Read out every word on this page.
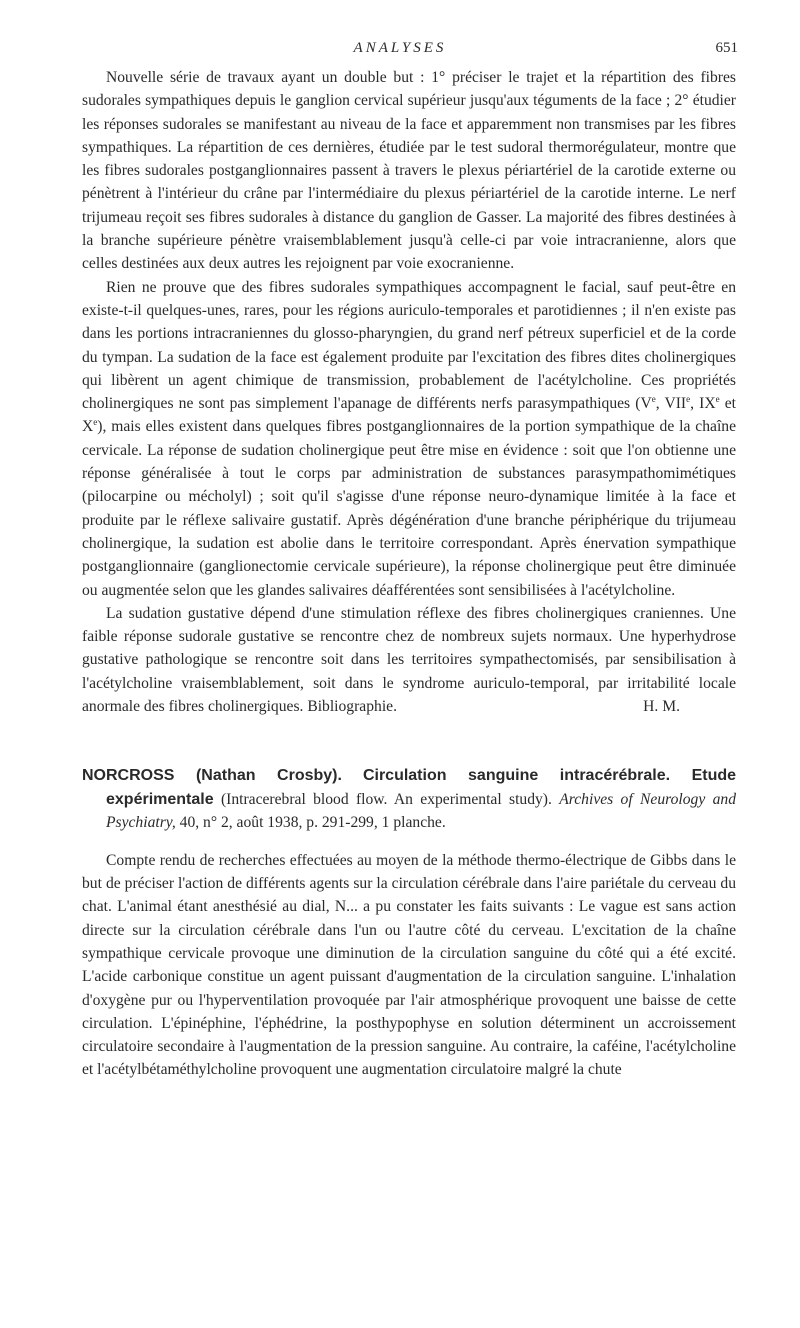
ANALYSES	651

Nouvelle série de travaux ayant un double but : 1° préciser le trajet et la répartition des fibres sudorales sympathiques depuis le ganglion cervical supérieur jusqu'aux téguments de la face ; 2° étudier les réponses sudorales se manifestant au niveau de la face et apparemment non transmises par les fibres sympathiques. La répartition de ces dernières, étudiée par le test sudoral thermorégulateur, montre que les fibres sudorales postganglionnaires passent à travers le plexus périartériel de la carotide externe ou pénètrent à l'intérieur du crâne par l'intermédiaire du plexus périartériel de la carotide interne. Le nerf trijumeau reçoit ses fibres sudorales à distance du ganglion de Gasser. La majorité des fibres destinées à la branche supérieure pénètre vraisemblablement jusqu'à celle-ci par voie intracranienne, alors que celles destinées aux deux autres les rejoignent par voie exocranienne.

Rien ne prouve que des fibres sudorales sympathiques accompagnent le facial, sauf peut-être en existe-t-il quelques-unes, rares, pour les régions auriculo-temporales et parotidiennes ; il n'en existe pas dans les portions intracraniennes du glosso-pharyngien, du grand nerf pétreux superficiel et de la corde du tympan. La sudation de la face est également produite par l'excitation des fibres dites cholinergiques qui libèrent un agent chimique de transmission, probablement de l'acétylcholine. Ces propriétés cholinergiques ne sont pas simplement l'apanage de différents nerfs parasympathiques (Ve, VIIe, IXe et Xe), mais elles existent dans quelques fibres postganglionnaires de la portion sympathique de la chaîne cervicale. La réponse de sudation cholinergique peut être mise en évidence : soit que l'on obtienne une réponse généralisée à tout le corps par administration de substances parasympathomimétiques (pilocarpine ou mécholyl) ; soit qu'il s'agisse d'une réponse neuro-dynamique limitée à la face et produite par le réflexe salivaire gustatif. Après dégénération d'une branche périphérique du trijumeau cholinergique, la sudation est abolie dans le territoire correspondant. Après énervation sympathique postganglionnaire (ganglionectomie cervicale supérieure), la réponse cholinergique peut être diminuée ou augmentée selon que les glandes salivaires déafférentées sont sensibilisées à l'acétylcholine.

La sudation gustative dépend d'une stimulation réflexe des fibres cholinergiques craniennes. Une faible réponse sudorale gustative se rencontre chez de nombreux sujets normaux. Une hyperhydrose gustative pathologique se rencontre soit dans les territoires sympathectomisés, par sensibilisation à l'acétylcholine vraisemblablement, soit dans le syndrome auriculo-temporal, par irritabilité locale anormale des fibres cholinergiques. Bibliographie.	H. M.

NORCROSS (Nathan Crosby). Circulation sanguine intracérébrale. Etude expérimentale (Intracerebral blood flow. An experimental study). Archives of Neurology and Psychiatry, 40, n° 2, août 1938, p. 291-299, 1 planche.

Compte rendu de recherches effectuées au moyen de la méthode thermo-électrique de Gibbs dans le but de préciser l'action de différents agents sur la circulation cérébrale dans l'aire pariétale du cerveau du chat. L'animal étant anesthésié au dial, N... a pu constater les faits suivants : Le vague est sans action directe sur la circulation cérébrale dans l'un ou l'autre côté du cerveau. L'excitation de la chaîne sympathique cervicale provoque une diminution de la circulation sanguine du côté qui a été excité. L'acide carbonique constitue un agent puissant d'augmentation de la circulation sanguine. L'inhalation d'oxygène pur ou l'hyperventilation provoquée par l'air atmosphérique provoquent une baisse de cette circulation. L'épinéphine, l'éphédrine, la posthypophyse en solution déterminent un accroissement circulatoire secondaire à l'augmentation de la pression sanguine. Au contraire, la caféine, l'acétylcholine et l'acétylbétaméthylcholine provoquent une augmentation circulatoire malgré la chute
